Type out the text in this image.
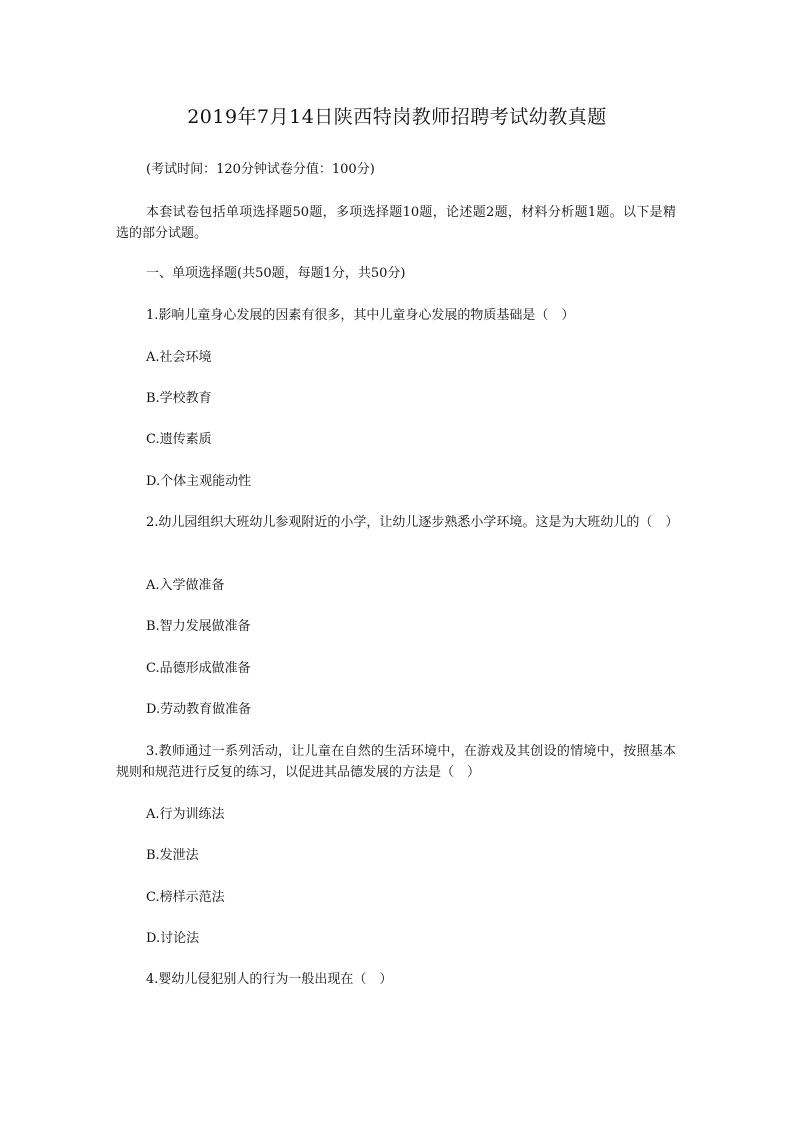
2019年7月14日陕西特岗教师招聘考试幼教真题
(考试时间：120分钟试卷分值：100分)
本套试卷包括单项选择题50题，多项选择题10题，论述题2题，材料分析题1题。以下是精选的部分试题。
一、单项选择题(共50题，每题1分，共50分)
1.影响儿童身心发展的因素有很多，其中儿童身心发展的物质基础是（　）
A.社会环境
B.学校教育
C.遗传素质
D.个体主观能动性
2.幼儿园组织大班幼儿参观附近的小学，让幼儿逐步熟悉小学环境。这是为大班幼儿的（　）
A.入学做准备
B.智力发展做准备
C.品德形成做准备
D.劳动教育做准备
3.教师通过一系列活动，让儿童在自然的生活环境中，在游戏及其创设的情境中，按照基本规则和规范进行反复的练习，以促进其品德发展的方法是（　）
A.行为训练法
B.发泄法
C.榜样示范法
D.讨论法
4.婴幼儿侵犯别人的行为一般出现在（　）
